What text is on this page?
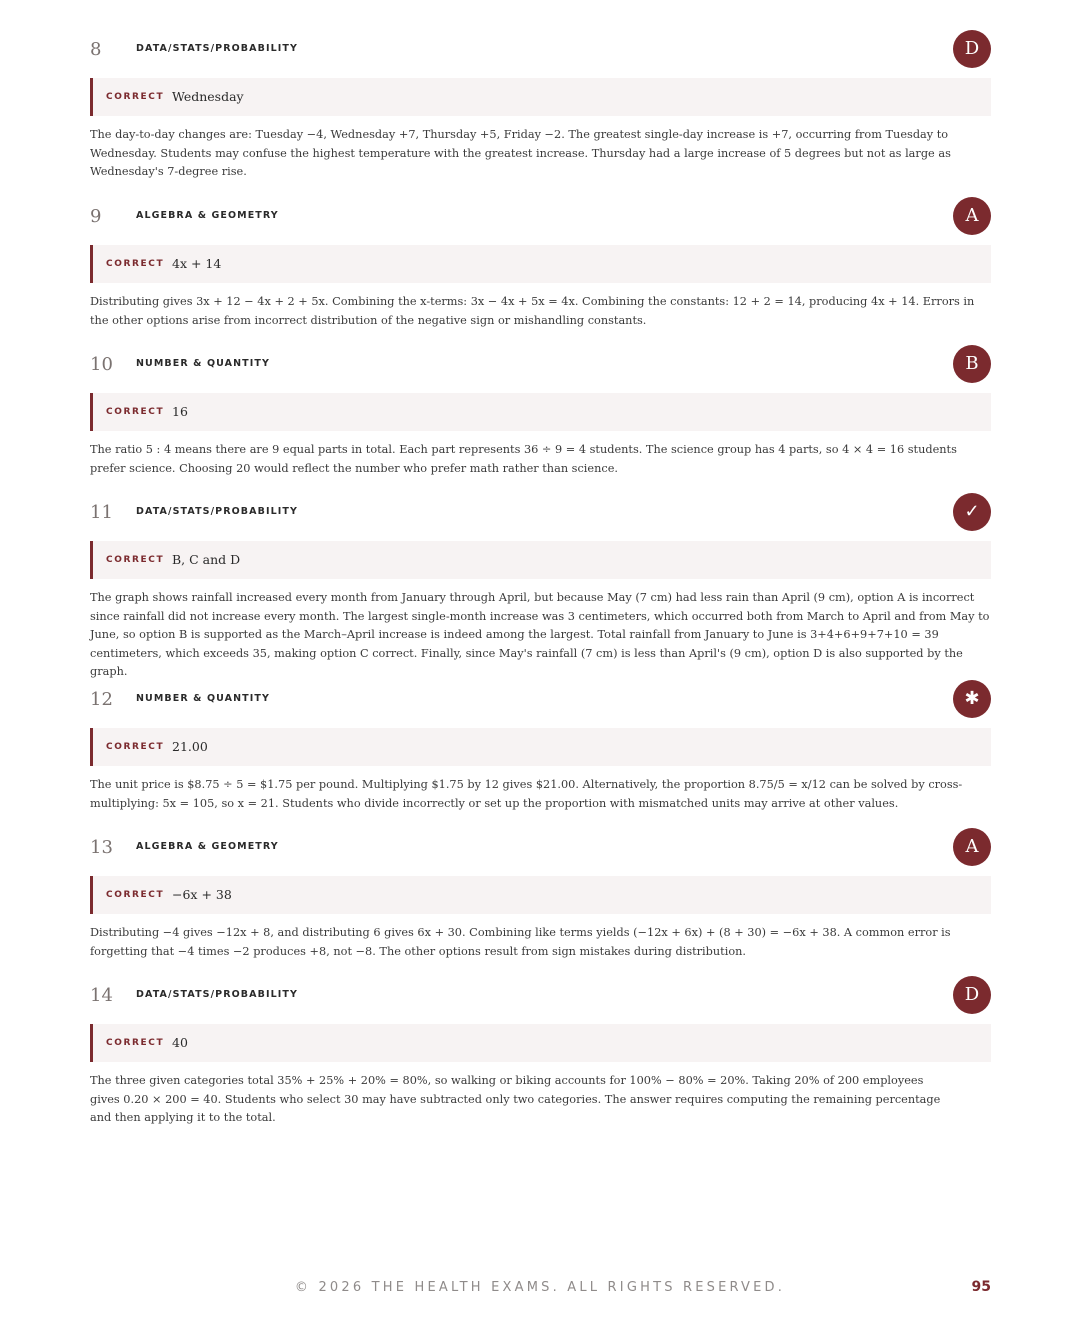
8	DATA/STATS/PROBABILITY	D
CORRECT Wednesday

The day-to-day changes are: Tuesday −4, Wednesday +7, Thursday +5, Friday −2. The greatest single-day increase is +7, occurring from Tuesday to Wednesday. Students may confuse the highest temperature with the greatest increase. Thursday had a large increase of 5 degrees but not as large as Wednesday's 7-degree rise.

9	ALGEBRA & GEOMETRY	A
CORRECT 4x + 14

Distributing gives 3x + 12 − 4x + 2 + 5x. Combining the x-terms: 3x − 4x + 5x = 4x. Combining the constants: 12 + 2 = 14, producing 4x + 14. Errors in the other options arise from incorrect distribution of the negative sign or mishandling constants.

10 NUMBER & QUANTITY	B
CORRECT 16

The ratio 5 : 4 means there are 9 equal parts in total. Each part represents 36 ÷ 9 = 4 students. The science group has 4 parts, so 4 × 4 = 16 students prefer science. Choosing 20 would reflect the number who prefer math rather than science.

11 DATA/STATS/PROBABILITY	✓
CORRECT B, C and D

The graph shows rainfall increased every month from January through April, but because May (7 cm) had less rain than April (9 cm), option A is incorrect since rainfall did not increase every month. The largest single-month increase was 3 centimeters, which occurred both from March to April and from May to June, so option B is supported as the March–April increase is indeed among the largest. Total rainfall from January to June is 3+4+6+9+7+10 = 39 centimeters, which exceeds 35, making option C correct. Finally, since May's rainfall (7 cm) is less than April's (9 cm), option D is also supported by the graph.

12 NUMBER & QUANTITY	✱
CORRECT 21.00

The unit price is $8.75 ÷ 5 = $1.75 per pound. Multiplying $1.75 by 12 gives $21.00. Alternatively, the proportion 8.75/5 = x/12 can be solved by cross-multiplying: 5x = 105, so x = 21. Students who divide incorrectly or set up the proportion with mismatched units may arrive at other values.

13 ALGEBRA & GEOMETRY	A
CORRECT −6x + 38

Distributing −4 gives −12x + 8, and distributing 6 gives 6x + 30. Combining like terms yields (−12x + 6x) + (8 + 30) = −6x + 38. A common error is forgetting that −4 times −2 produces +8, not −8. The other options result from sign mistakes during distribution.

14 DATA/STATS/PROBABILITY	D
CORRECT 40

The three given categories total 35% + 25% + 20% = 80%, so walking or biking accounts for 100% − 80% = 20%. Taking 20% of 200 employees gives 0.20 × 200 = 40. Students who select 30 may have subtracted only two categories. The answer requires computing the remaining percentage and then applying it to the total.

© 2026 THE HEALTH EXAMS. ALL RIGHTS RESERVED.	95
